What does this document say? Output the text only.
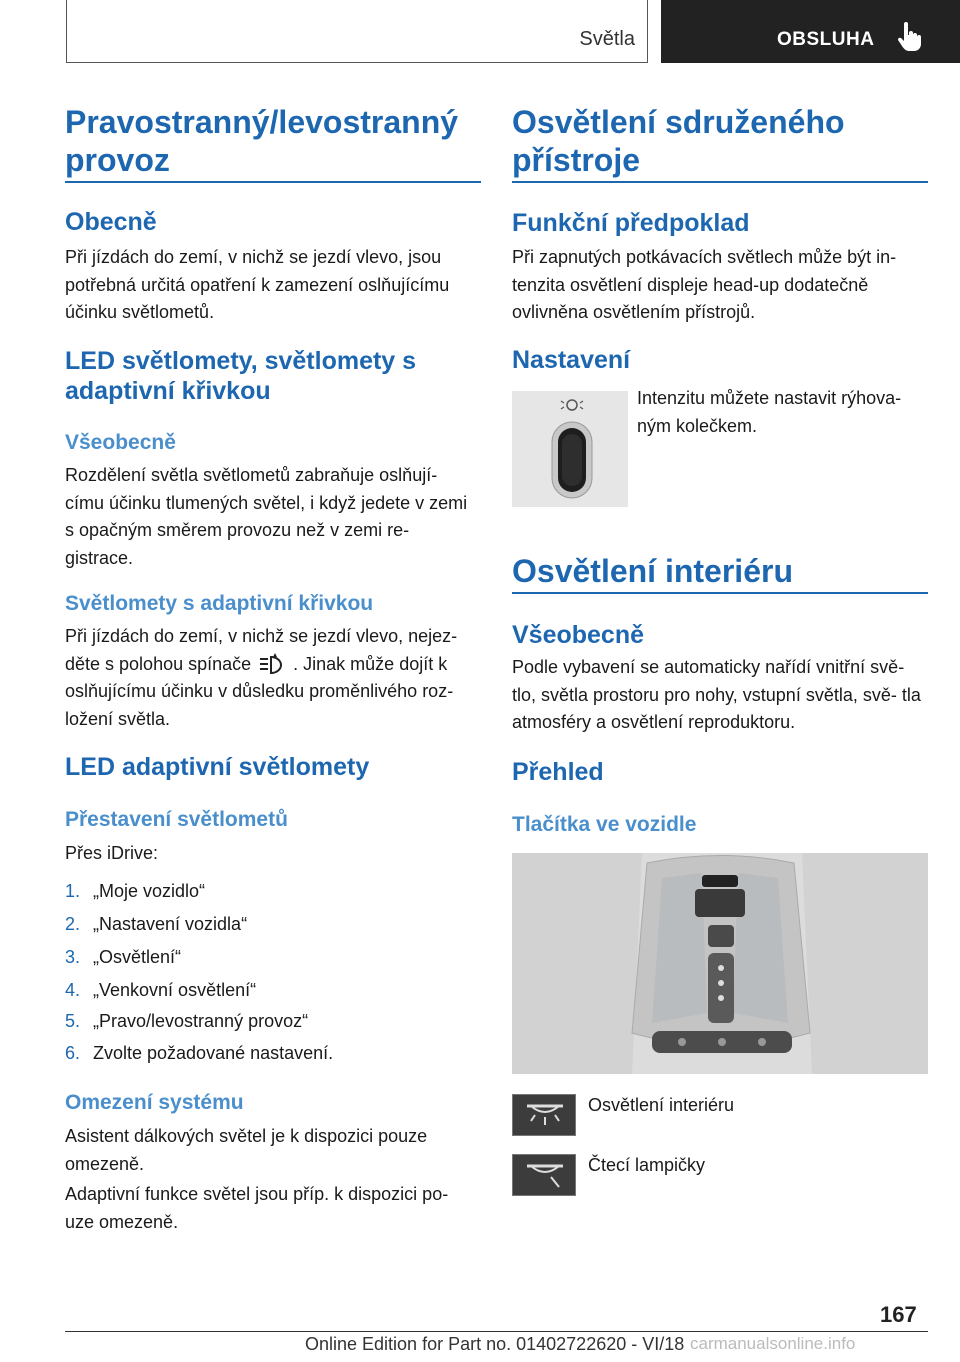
Světla	OBSLUHA
Pravostranný/levostranný provoz
Obecně

Při jízdách do zemí, v nichž se jezdí vlevo, jsou potřebná určitá opatření k zamezení oslňujícímu účinku světlometů.

LED světlomety, světlomety s adaptivní křivkou
Všeobecně

Rozdělení světla světlometů zabraňuje oslňují- címu účinku tlumených světel, i když jedete v zemi s opačným směrem provozu než v zemi re- gistrace.

Světlomety s adaptivní křivkou

Při jízdách do zemí, v nichž se jezdí vlevo, nejez- děte s polohou spínače . Jinak může dojít k oslňujícímu účinku v důsledku proměnlivého roz- ložení světla.

LED adaptivní světlomety
Přestavení světlometů

Přes iDrive:

1. „Moje vozidlo“
2. „Nastavení vozidla“
3. „Osvětlení“
4. „Venkovní osvětlení“
5. „Pravo/levostranný provoz“
6. Zvolte požadované nastavení.
Omezení systému

Asistent dálkových světel je k dispozici pouze omezeně.

Adaptivní funkce světel jsou příp. k dispozici po- uze omezeně.

Osvětlení sdruženého přístroje
Funkční předpoklad

Při zapnutých potkávacích světlech může být in- tenzita osvětlení displeje head-up dodatečně ovlivněna osvětlením přístrojů.

Nastavení

Intenzitu můžete nastavit rýhova- ným kolečkem.

Osvětlení interiéru
Všeobecně

Podle vybavení se automaticky nařídí vnitřní svě- tlo, světla prostoru pro nohy, vstupní světla, svě- tla atmosféry a osvětlení reproduktoru.

Přehled
Tlačítka ve vozidle

Osvětlení interiéru

Čtecí lampičky

167
Online Edition for Part no. 01402722620 - VI/18 carmanualsonline.info
